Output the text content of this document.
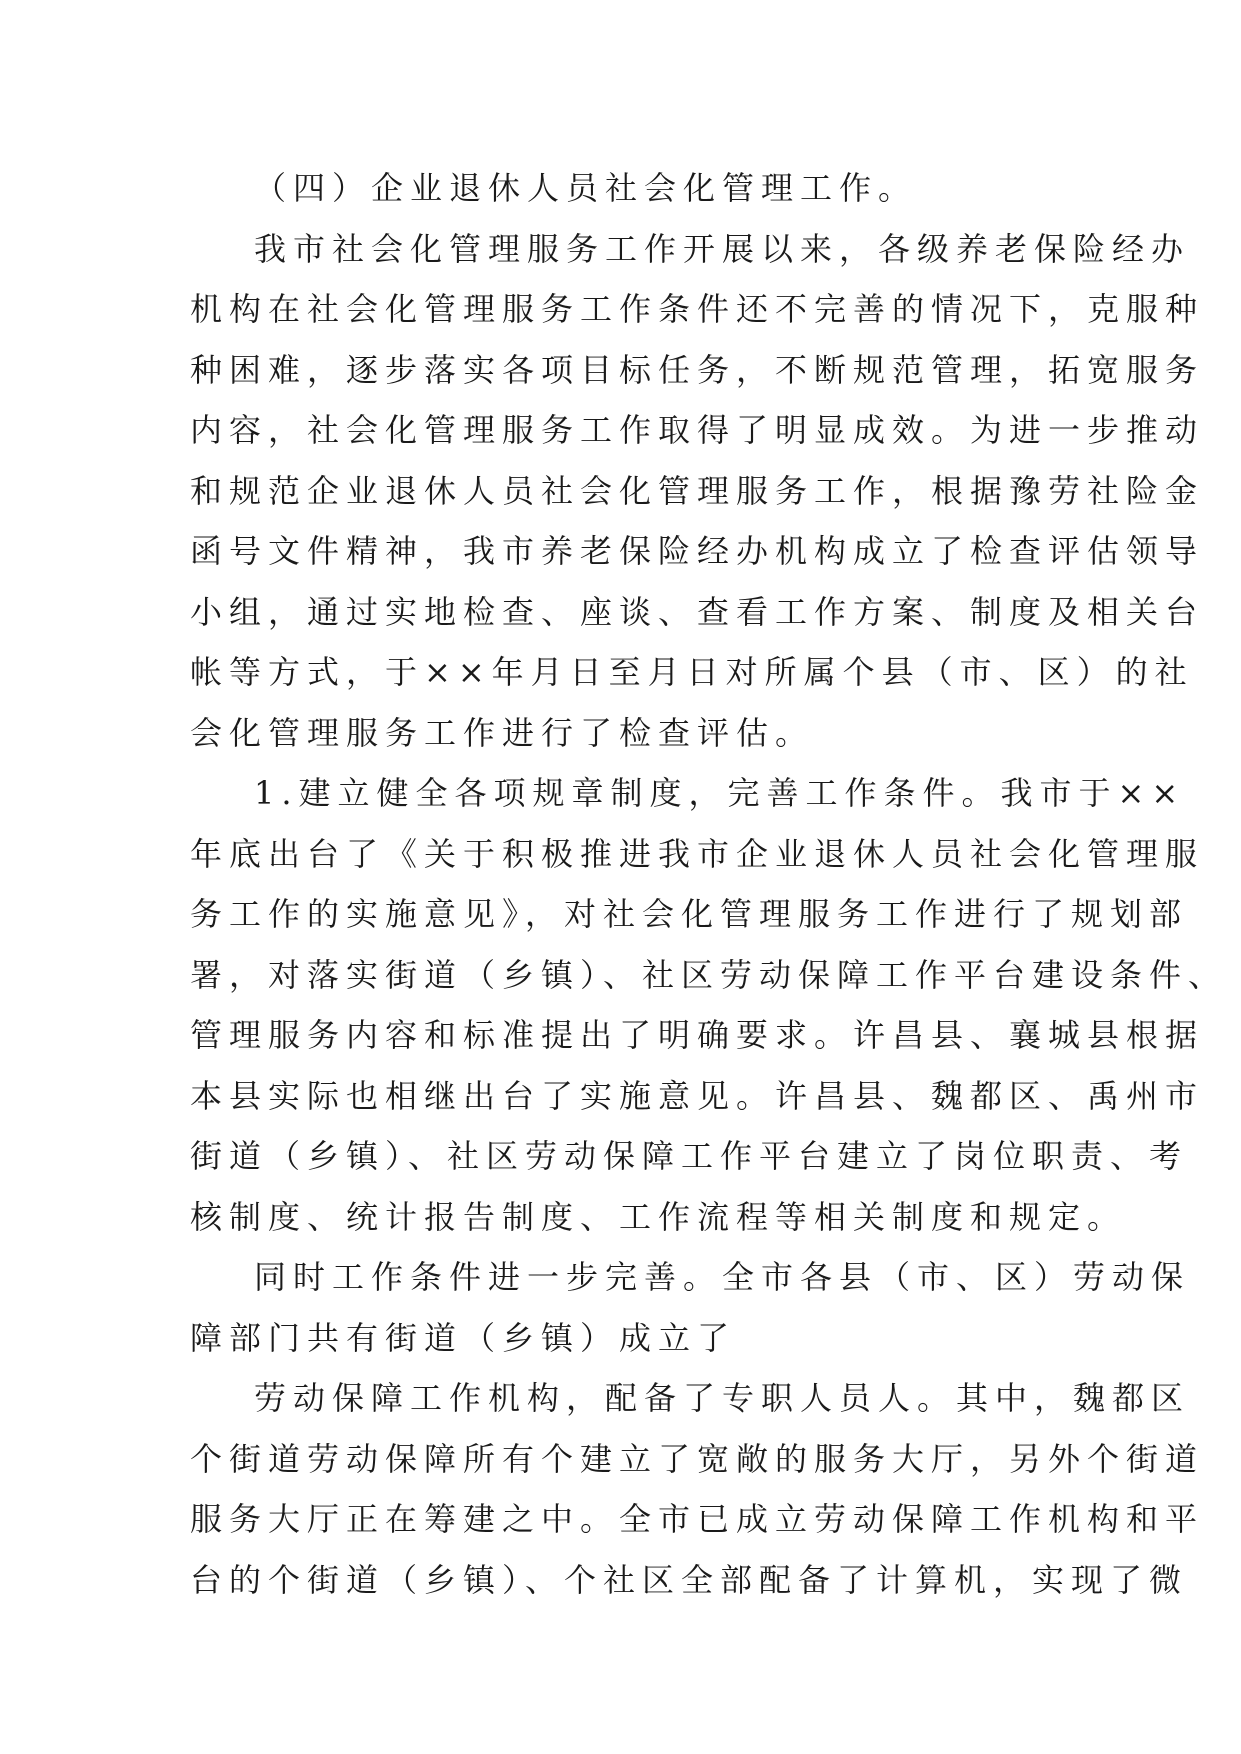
（四）企业退休人员社会化管理工作。
我市社会化管理服务工作开展以来，各级养老保险经办
机构在社会化管理服务工作条件还不完善的情况下，克服种
种困难，逐步落实各项目标任务，不断规范管理，拓宽服务
内容，社会化管理服务工作取得了明显成效。为进一步推动
和规范企业退休人员社会化管理服务工作，根据豫劳社险金
函号文件精神，我市养老保险经办机构成立了检查评估领导
小组，通过实地检查、座谈、查看工作方案、制度及相关台
帐等方式，于××年月日至月日对所属个县（市、区）的社
会化管理服务工作进行了检查评估。
1.建立健全各项规章制度，完善工作条件。我市于××
年底出台了《关于积极推进我市企业退休人员社会化管理服
务工作的实施意见》，对社会化管理服务工作进行了规划部
署，对落实街道（乡镇）、社区劳动保障工作平台建设条件、
管理服务内容和标准提出了明确要求。许昌县、襄城县根据
本县实际也相继出台了实施意见。许昌县、魏都区、禹州市
街道（乡镇）、社区劳动保障工作平台建立了岗位职责、考
核制度、统计报告制度、工作流程等相关制度和规定。
同时工作条件进一步完善。全市各县（市、区）劳动保
障部门共有街道（乡镇）成立了
劳动保障工作机构，配备了专职人员人。其中，魏都区
个街道劳动保障所有个建立了宽敞的服务大厅，另外个街道
服务大厅正在筹建之中。全市已成立劳动保障工作机构和平
台的个街道（乡镇）、个社区全部配备了计算机，实现了微
